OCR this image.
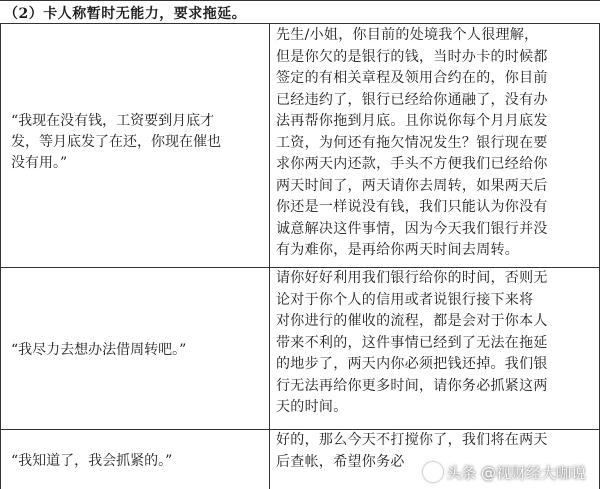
（2）卡人称暂时无能力，要求拖延。
“我现在没有钱，工资要到月底才
发，等月底发了在还，你现在催也
没有用。”
先生/小姐，你目前的处境我个人很理解，
但是你欠的是银行的钱，当时办卡的时候都
签定的有相关章程及领用合约在的，你目前
已经违约了，银行已经给你通融了，没有办
法再帮你拖到月底。且你说你每个月月底发
工资，为何还有拖欠情况发生？银行现在要
求你两天内还款，手头不方便我们已经给你
两天时间了，两天请你去周转，如果两天后
你还是一样说没有钱，我们只能认为你没有
诚意解决这件事情，因为今天我们银行并没
有为难你，是再给你两天时间去周转。
“我尽力去想办法借周转吧。”
请你好好利用我们银行给你的时间，否则无
论对于你个人的信用或者说银行接下来将
对你进行的催收的流程，都是会对于你本人
带来不利的，这件事情已经到了无法在拖延
的地步了，两天内你必须把钱还掉。我们银
行无法再给你更多时间，请你务必抓紧这两
天的时间。
“我知道了，我会抓紧的。”
好的，那么今天不打搅你了，我们将在两天
后查帐，希望你务必
头条 @视财经大咖说
